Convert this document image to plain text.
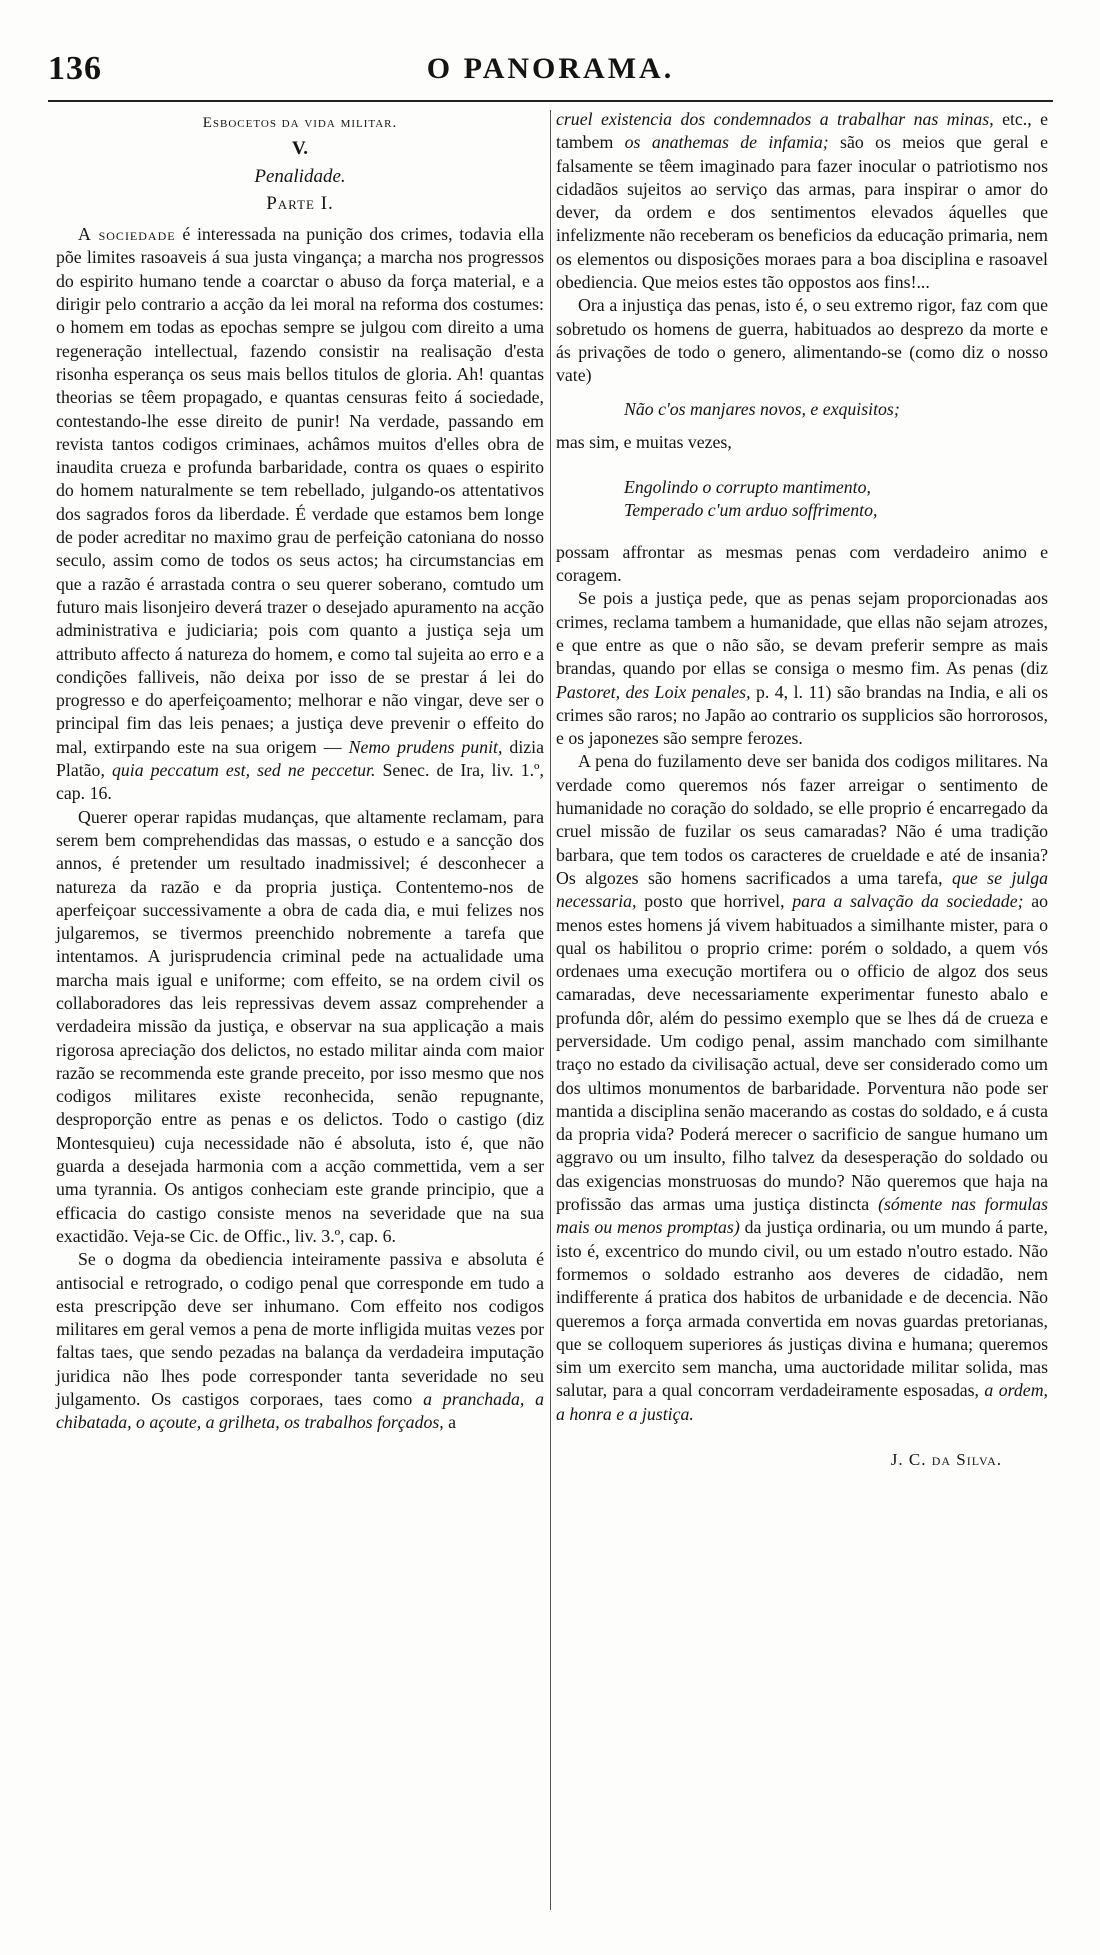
136	O PANORAMA.

Esbocetos da vida militar.

V.

Penalidade.

Parte I.

A sociedade é interessada na punição dos crimes, todavia ella põe limites rasoaveis á sua justa vingança; a marcha nos progressos do espirito humano tende a coarctar o abuso da força material, e a dirigir pelo contrario a acção da lei moral na reforma dos costumes: o homem em todas as epochas sempre se julgou com direito a uma regeneração intellectual, fazendo consistir na realisação d'esta risonha esperança os seus mais bellos titulos de gloria. Ah! quantas theorias se têem propagado, e quantas censuras feito á sociedade, contestando-lhe esse direito de punir! Na verdade, passando em revista tantos codigos criminaes, achâmos muitos d'elles obra de inaudita crueza e profunda barbaridade, contra os quaes o espirito do homem naturalmente se tem rebellado, julgando-os attentativos dos sagrados foros da liberdade. É verdade que estamos bem longe de poder acreditar no maximo grau de perfeição catoniana do nosso seculo, assim como de todos os seus actos; ha circumstancias em que a razão é arrastada contra o seu querer soberano, comtudo um futuro mais lisonjeiro deverá trazer o desejado apuramento na acção administrativa e judiciaria; pois com quanto a justiça seja um attributo affecto á natureza do homem, e como tal sujeita ao erro e a condições falliveis, não deixa por isso de se prestar á lei do progresso e do aperfeiçoamento; melhorar e não vingar, deve ser o principal fim das leis penaes; a justiça deve prevenir o effeito do mal, extirpando este na sua origem — Nemo prudens punit, dizia Platão, quia peccatum est, sed ne peccetur. Senec. de Ira, liv. 1.º, cap. 16.

Querer operar rapidas mudanças, que altamente reclamam, para serem bem comprehendidas das massas, o estudo e a sancção dos annos, é pretender um resultado inadmissivel; é desconhecer a natureza da razão e da propria justiça. Contentemo-nos de aperfeiçoar successivamente a obra de cada dia, e mui felizes nos julgaremos, se tivermos preenchido nobremente a tarefa que intentamos. A jurisprudencia criminal pede na actualidade uma marcha mais igual e uniforme; com effeito, se na ordem civil os collaboradores das leis repressivas devem assaz comprehender a verdadeira missão da justiça, e observar na sua applicação a mais rigorosa apreciação dos delictos, no estado militar ainda com maior razão se recommenda este grande preceito, por isso mesmo que nos codigos militares existe reconhecida, senão repugnante, desproporção entre as penas e os delictos. Todo o castigo (diz Montesquieu) cuja necessidade não é absoluta, isto é, que não guarda a desejada harmonia com a acção commettida, vem a ser uma tyrannia. Os antigos conheciam este grande principio, que a efficacia do castigo consiste menos na severidade que na sua exactidão. Veja-se Cic. de Offic., liv. 3.º, cap. 6.

Se o dogma da obediencia inteiramente passiva e absoluta é antisocial e retrogrado, o codigo penal que corresponde em tudo a esta prescripção deve ser inhumano. Com effeito nos codigos militares em geral vemos a pena de morte infligida muitas vezes por faltas taes, que sendo pezadas na balança da verdadeira imputação juridica não lhes pode corresponder tanta severidade no seu julgamento. Os castigos corporaes, taes como a pranchada, a chibatada, o açoute, a grilheta, os trabalhos forçados, a

cruel existencia dos condemnados a trabalhar nas minas, etc., e tambem os anathemas de infamia; são os meios que geral e falsamente se têem imaginado para fazer inocular o patriotismo nos cidadãos sujeitos ao serviço das armas, para inspirar o amor do dever, da ordem e dos sentimentos elevados áquelles que infelizmente não receberam os beneficios da educação primaria, nem os elementos ou disposições moraes para a boa disciplina e rasoavel obediencia. Que meios estes tão oppostos aos fins!...

Ora a injustiça das penas, isto é, o seu extremo rigor, faz com que sobretudo os homens de guerra, habituados ao desprezo da morte e ás privações de todo o genero, alimentando-se (como diz o nosso vate)

Não c'os manjares novos, e exquisitos;

mas sim, e muitas vezes,

Engolindo o corrupto mantimento,

Temperado c'um arduo soffrimento,

possam affrontar as mesmas penas com verdadeiro animo e coragem.

Se pois a justiça pede, que as penas sejam proporcionadas aos crimes, reclama tambem a humanidade, que ellas não sejam atrozes, e que entre as que o não são, se devam preferir sempre as mais brandas, quando por ellas se consiga o mesmo fim. As penas (diz Pastoret, des Loix penales, p. 4, l. 11) são brandas na India, e ali os crimes são raros; no Japão ao contrario os supplicios são horrorosos, e os japonezes são sempre ferozes.

A pena do fuzilamento deve ser banida dos codigos militares. Na verdade como queremos nós fazer arreigar o sentimento de humanidade no coração do soldado, se elle proprio é encarregado da cruel missão de fuzilar os seus camaradas? Não é uma tradição barbara, que tem todos os caracteres de crueldade e até de insania? Os algozes são homens sacrificados a uma tarefa, que se julga necessaria, posto que horrivel, para a salvação da sociedade; ao menos estes homens já vivem habituados a similhante mister, para o qual os habilitou o proprio crime: porém o soldado, a quem vós ordenaes uma execução mortifera ou o officio de algoz dos seus camaradas, deve necessariamente experimentar funesto abalo e profunda dôr, além do pessimo exemplo que se lhes dá de crueza e perversidade. Um codigo penal, assim manchado com similhante traço no estado da civilisação actual, deve ser considerado como um dos ultimos monumentos de barbaridade. Porventura não pode ser mantida a disciplina senão macerando as costas do soldado, e á custa da propria vida? Poderá merecer o sacrificio de sangue humano um aggravo ou um insulto, filho talvez da desesperação do soldado ou das exigencias monstruosas do mundo? Não queremos que haja na profissão das armas uma justiça distincta (sómente nas formulas mais ou menos promptas) da justiça ordinaria, ou um mundo á parte, isto é, excentrico do mundo civil, ou um estado n'outro estado. Não formemos o soldado estranho aos deveres de cidadão, nem indifferente á pratica dos habitos de urbanidade e de decencia. Não queremos a força armada convertida em novas guardas pretorianas, que se colloquem superiores ás justiças divina e humana; queremos sim um exercito sem mancha, uma auctoridade militar solida, mas salutar, para a qual concorram verdadeiramente esposadas, a ordem, a honra e a justiça.

J. C. da Silva.
